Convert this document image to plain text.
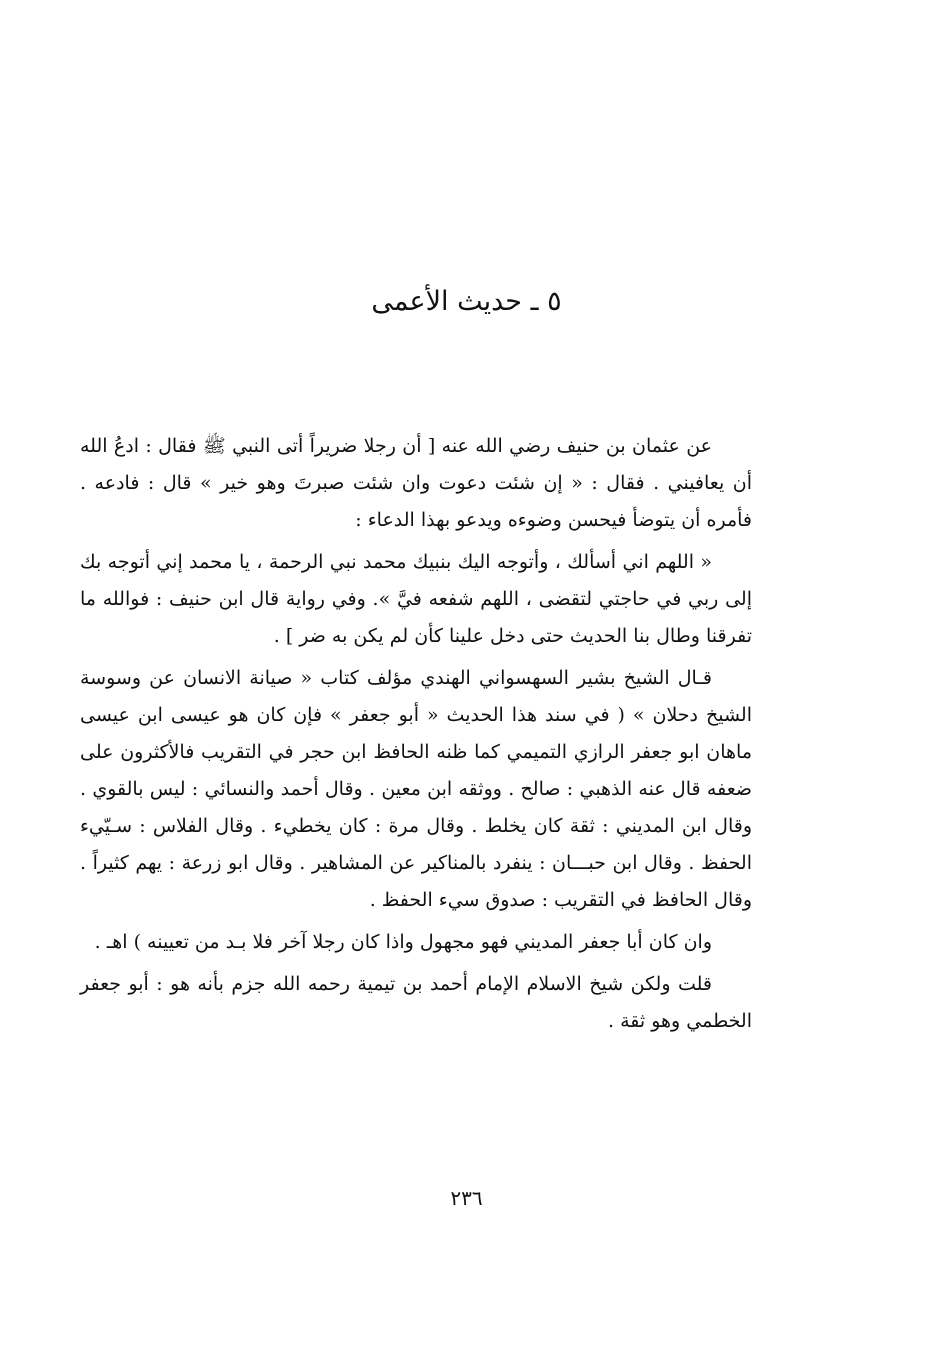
٥ ـ حديث الأعمى

عن عثمان بن حنيف رضي الله عنه [ أن رجلا ضريراً أتى النبي ﷺ فقال : ادعُ الله أن يعافيني . فقال : « إن شئت دعوت وان شئت صبرتَ وهو خير » قال : فادعه . فأمره أن يتوضأ فيحسن وضوءه ويدعو بهذا الدعاء :

« اللهم اني أسألك ، وأتوجه اليك بنبيك محمد نبي الرحمة ، يا محمد إني أتوجه بك إلى ربي في حاجتي لتقضى ، اللهم شفعه فيَّ ». وفي رواية قال ابن حنيف : فوالله ما تفرقنا وطال بنا الحديث حتى دخل علينا كأن لم يكن به ضر ] .

قـال الشيخ بشير السهسواني الهندي مؤلف كتاب « صيانة الانسان عن وسوسة الشيخ دحلان » ( في سند هذا الحديث « أبو جعفر » فإن كان هو عيسى ابن عيسى ماهان ابو جعفر الرازي التميمي كما ظنه الحافظ ابن حجر في التقريب فالأكثرون على ضعفه قال عنه الذهبي : صالح . ووثقه ابن معين . وقال أحمد والنسائي : ليس بالقوي . وقال ابن المديني : ثقة كان يخلط . وقال مرة : كان يخطيء . وقال الفلاس : سـيّيء الحفظ . وقال ابن حبـــان : ينفرد بالمناكير عن المشاهير . وقال ابو زرعة : يهم كثيراً . وقال الحافظ في التقريب : صدوق سيء الحفظ .

وان كان أبا جعفر المديني فهو مجهول واذا كان رجلا آخر فلا بـد من تعيينه ) اهـ .

قلت ولكن شيخ الاسلام الإمام أحمد بن تيمية رحمه الله جزم بأنه هو : أبو جعفر الخطمي وهو ثقة .

٢٣٦
